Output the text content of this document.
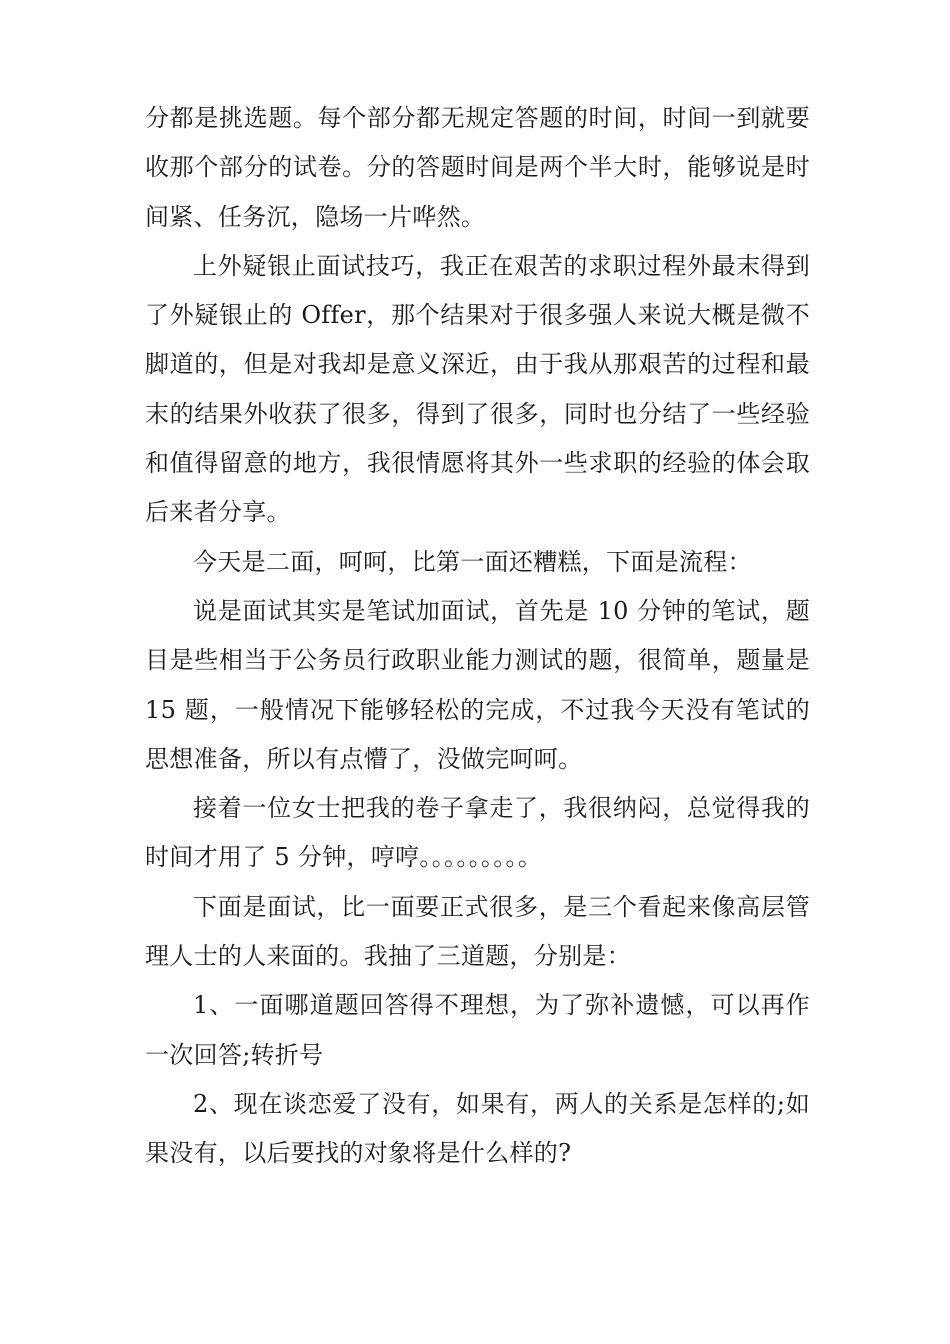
分都是挑选题。每个部分都无规定答题的时间，时间一到就要收那个部分的试卷。分的答题时间是两个半大时，能够说是时间紧、任务沉，隐场一片哗然。

上外疑银止面试技巧，我正在艰苦的求职过程外最末得到了外疑银止的 Offer，那个结果对于很多强人来说大概是微不脚道的，但是对我却是意义深近，由于我从那艰苦的过程和最末的结果外收获了很多，得到了很多，同时也分结了一些经验和值得留意的地方，我很情愿将其外一些求职的经验的体会取后来者分享。

今天是二面，呵呵，比第一面还糟糕，下面是流程：

说是面试其实是笔试加面试，首先是 10 分钟的笔试，题目是些相当于公务员行政职业能力测试的题，很简单，题量是 15 题，一般情况下能够轻松的完成，不过我今天没有笔试的思想准备，所以有点懵了，没做完呵呵。

接着一位女士把我的卷子拿走了，我很纳闷，总觉得我的时间才用了 5 分钟，哼哼。。。。。。。。。

下面是面试，比一面要正式很多，是三个看起来像高层管理人士的人来面的。我抽了三道题，分别是：

1、一面哪道题回答得不理想，为了弥补遗憾，可以再作一次回答;转折号

2、现在谈恋爱了没有，如果有，两人的关系是怎样的;如果没有，以后要找的对象将是什么样的?
